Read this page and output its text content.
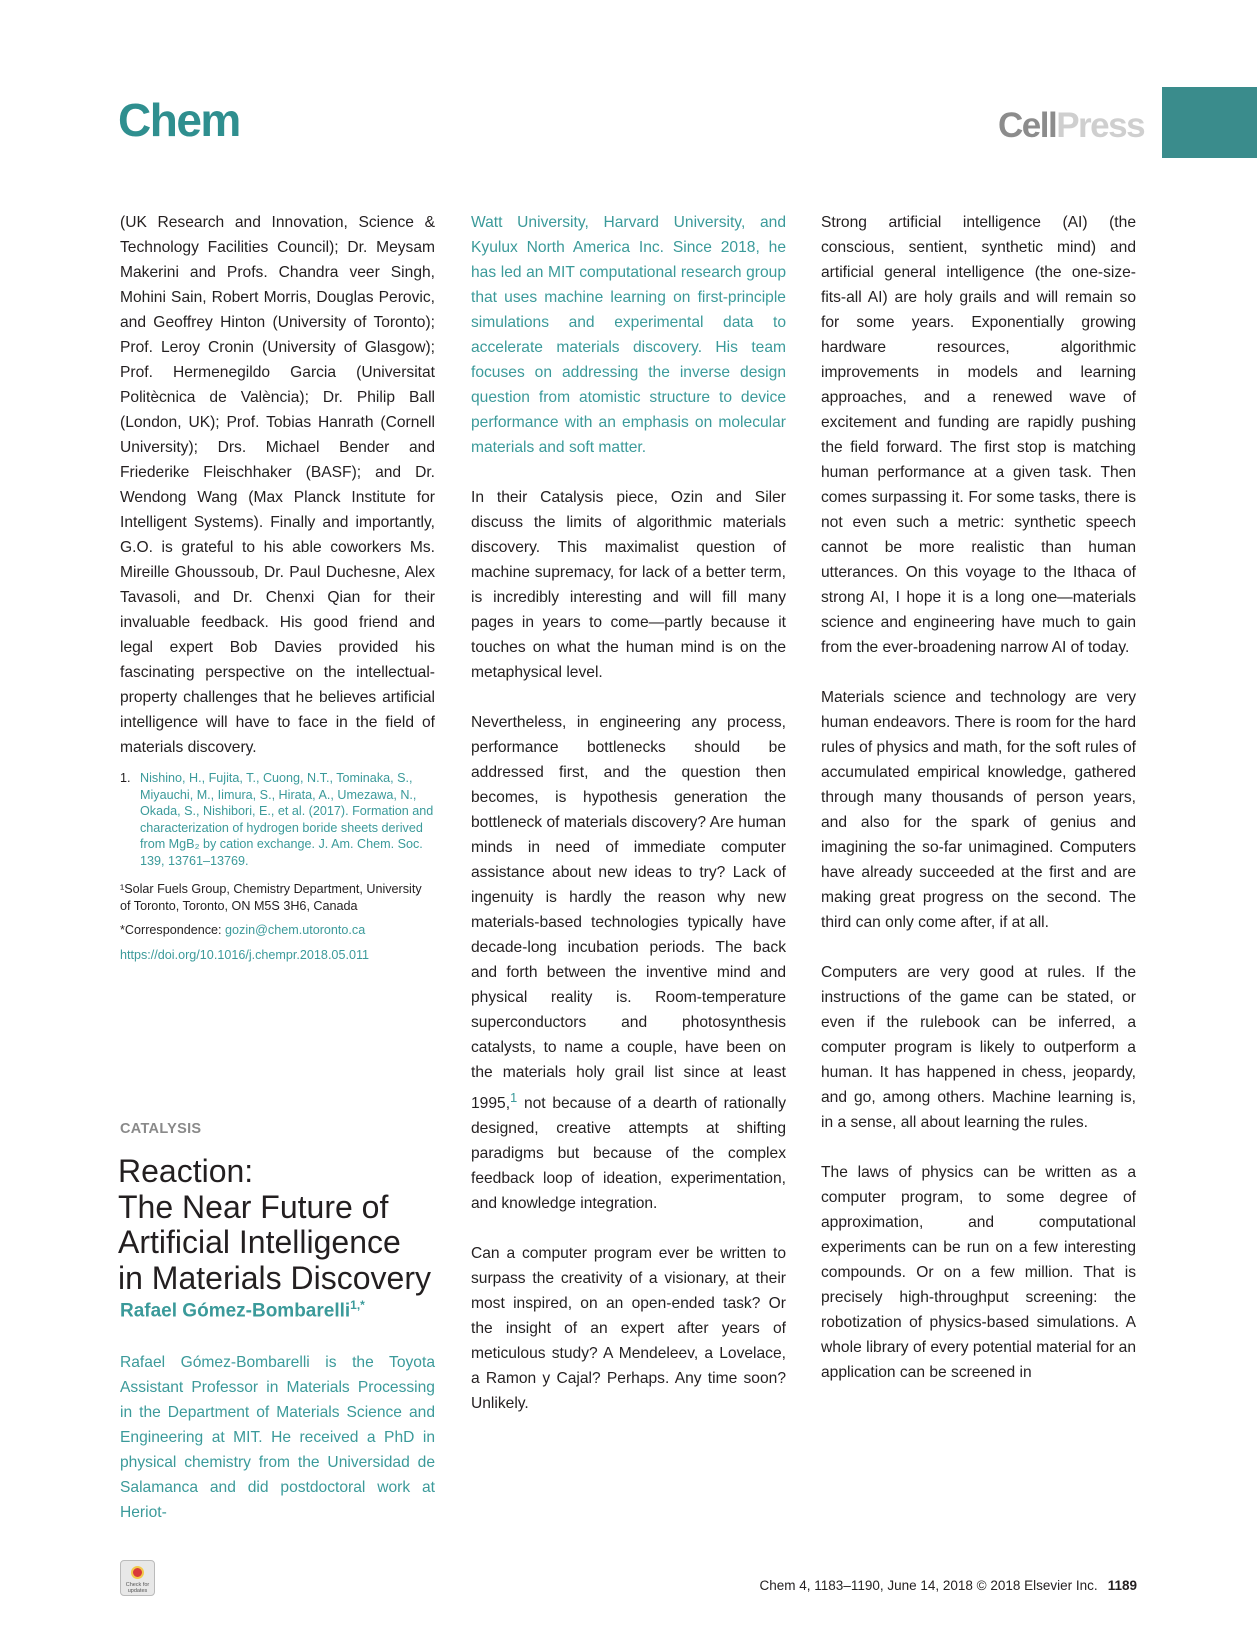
Chem	CellPress

(UK Research and Innovation, Science & Technology Facilities Council); Dr. Meysam Makerini and Profs. Chandra veer Singh, Mohini Sain, Robert Morris, Douglas Perovic, and Geoffrey Hinton (University of Toronto); Prof. Leroy Cronin (University of Glasgow); Prof. Hermenegildo Garcia (Universitat Politècnica de València); Dr. Philip Ball (London, UK); Prof. Tobias Hanrath (Cornell University); Drs. Michael Bender and Friederike Fleischhaker (BASF); and Dr. Wendong Wang (Max Planck Institute for Intelligent Systems). Finally and importantly, G.O. is grateful to his able coworkers Ms. Mireille Ghoussoub, Dr. Paul Duchesne, Alex Tavasoli, and Dr. Chenxi Qian for their invaluable feedback. His good friend and legal expert Bob Davies provided his fascinating perspective on the intellectual-property challenges that he believes artificial intelligence will have to face in the field of materials discovery.

1. Nishino, H., Fujita, T., Cuong, N.T., Tominaka, S., Miyauchi, M., Iimura, S., Hirata, A., Umezawa, N., Okada, S., Nishibori, E., et al. (2017). Formation and characterization of hydrogen boride sheets derived from MgB₂ by cation exchange. J. Am. Chem. Soc. 139, 13761–13769.
¹Solar Fuels Group, Chemistry Department, University of Toronto, Toronto, ON M5S 3H6, Canada
*Correspondence: gozin@chem.utoronto.ca
https://doi.org/10.1016/j.chempr.2018.05.011
CATALYSIS
Reaction:
The Near Future of
Artificial Intelligence
in Materials Discovery
Rafael Gómez-Bombarelli$^{1,*}$

Rafael Gómez-Bombarelli is the Toyota Assistant Professor in Materials Processing in the Department of Materials Science and Engineering at MIT. He received a PhD in physical chemistry from the Universidad de Salamanca and did postdoctoral work at Heriot-

Watt University, Harvard University, and Kyulux North America Inc. Since 2018, he has led an MIT computational research group that uses machine learning on first-principle simulations and experimental data to accelerate materials discovery. His team focuses on addressing the inverse design question from atomistic structure to device performance with an emphasis on molecular materials and soft matter.

In their Catalysis piece, Ozin and Siler discuss the limits of algorithmic materials discovery. This maximalist question of machine supremacy, for lack of a better term, is incredibly interesting and will fill many pages in years to come—partly because it touches on what the human mind is on the metaphysical level.

Nevertheless, in engineering any process, performance bottlenecks should be addressed first, and the question then becomes, is hypothesis generation the bottleneck of materials discovery? Are human minds in need of immediate computer assistance about new ideas to try? Lack of ingenuity is hardly the reason why new materials-based technologies typically have decade-long incubation periods. The back and forth between the inventive mind and physical reality is. Room-temperature superconductors and photosynthesis catalysts, to name a couple, have been on the materials holy grail list since at least 1995,$^1$ not because of a dearth of rationally designed, creative attempts at shifting paradigms but because of the complex feedback loop of ideation, experimentation, and knowledge integration.

Can a computer program ever be written to surpass the creativity of a visionary, at their most inspired, on an open-ended task? Or the insight of an expert after years of meticulous study? A Mendeleev, a Lovelace, a Ramon y Cajal? Perhaps. Any time soon? Unlikely.

Strong artificial intelligence (AI) (the conscious, sentient, synthetic mind) and artificial general intelligence (the one-size-fits-all AI) are holy grails and will remain so for some years. Exponentially growing hardware resources, algorithmic improvements in models and learning approaches, and a renewed wave of excitement and funding are rapidly pushing the field forward. The first stop is matching human performance at a given task. Then comes surpassing it. For some tasks, there is not even such a metric: synthetic speech cannot be more realistic than human utterances. On this voyage to the Ithaca of strong AI, I hope it is a long one—materials science and engineering have much to gain from the ever-broadening narrow AI of today.

Materials science and technology are very human endeavors. There is room for the hard rules of physics and math, for the soft rules of accumulated empirical knowledge, gathered through many thousands of person years, and also for the spark of genius and imagining the so-far unimagined. Computers have already succeeded at the first and are making great progress on the second. The third can only come after, if at all.

Computers are very good at rules. If the instructions of the game can be stated, or even if the rulebook can be inferred, a computer program is likely to outperform a human. It has happened in chess, jeopardy, and go, among others. Machine learning is, in a sense, all about learning the rules.

The laws of physics can be written as a computer program, to some degree of approximation, and computational experiments can be run on a few interesting compounds. Or on a few million. That is precisely high-throughput screening: the robotization of physics-based simulations. A whole library of every potential material for an application can be screened in

Check for updates	Chem 4, 1183–1190, June 14, 2018 © 2018 Elsevier Inc. 1189
